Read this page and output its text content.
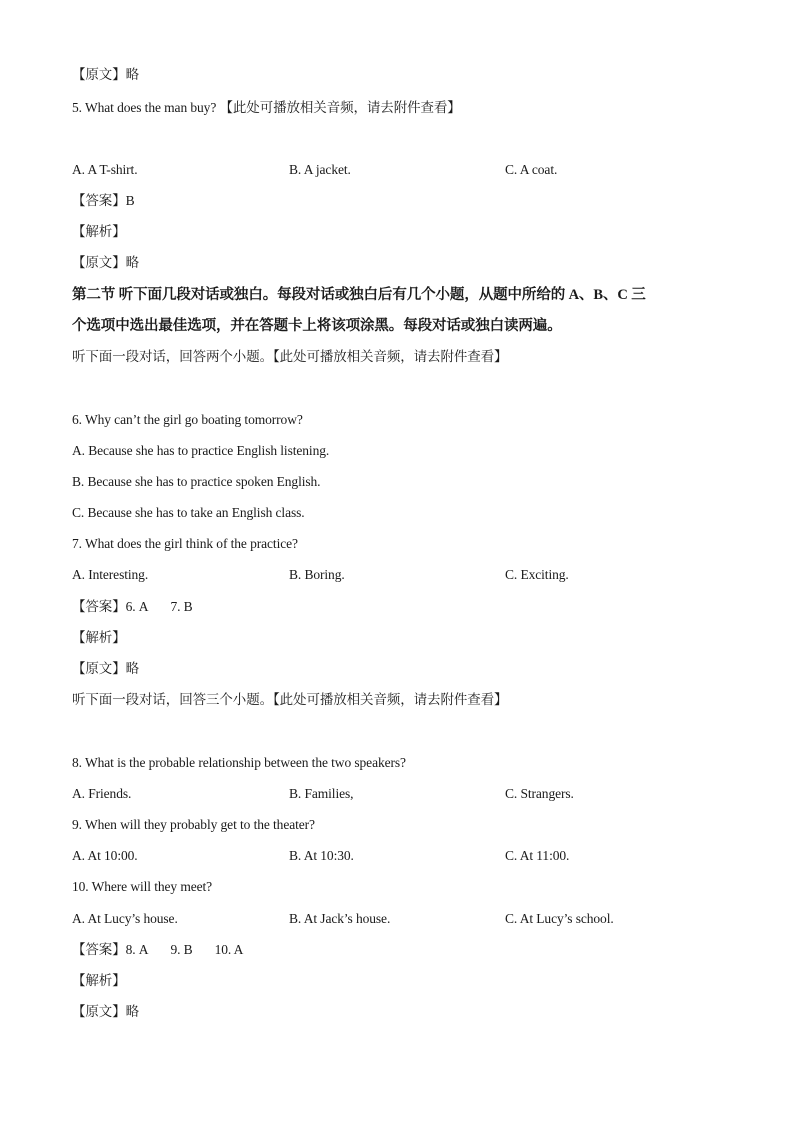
【原文】略
5. What does the man buy? 【此处可播放相关音频，请去附件查看】
A. A T-shirt.	B. A jacket.	C. A coat.
【答案】B
【解析】
【原文】略
第二节 听下面几段对话或独白。每段对话或独白后有几个小题，从题中所给的 A、B、C 三
个选项中选出最佳选项，并在答题卡上将该项涂黑。每段对话或独白读两遍。
听下面一段对话，回答两个小题。【此处可播放相关音频，请去附件查看】
6. Why can’t the girl go boating tomorrow?
A. Because she has to practice English listening.
B. Because she has to practice spoken English.
C. Because she has to take an English class.
7. What does the girl think of the practice?
A. Interesting.	B. Boring.	C. Exciting.
【答案】6. A 7. B
【解析】
【原文】略
听下面一段对话，回答三个小题。【此处可播放相关音频，请去附件查看】
8. What is the probable relationship between the two speakers?
A. Friends.	B. Families,	C. Strangers.
9. When will they probably get to the theater?
A. At 10:00.	B. At 10:30.	C. At 11:00.
10. Where will they meet?
A. At Lucy’s house.	B. At Jack’s house.	C. At Lucy’s school.
【答案】8. A 9. B 10. A
【解析】
【原文】略
